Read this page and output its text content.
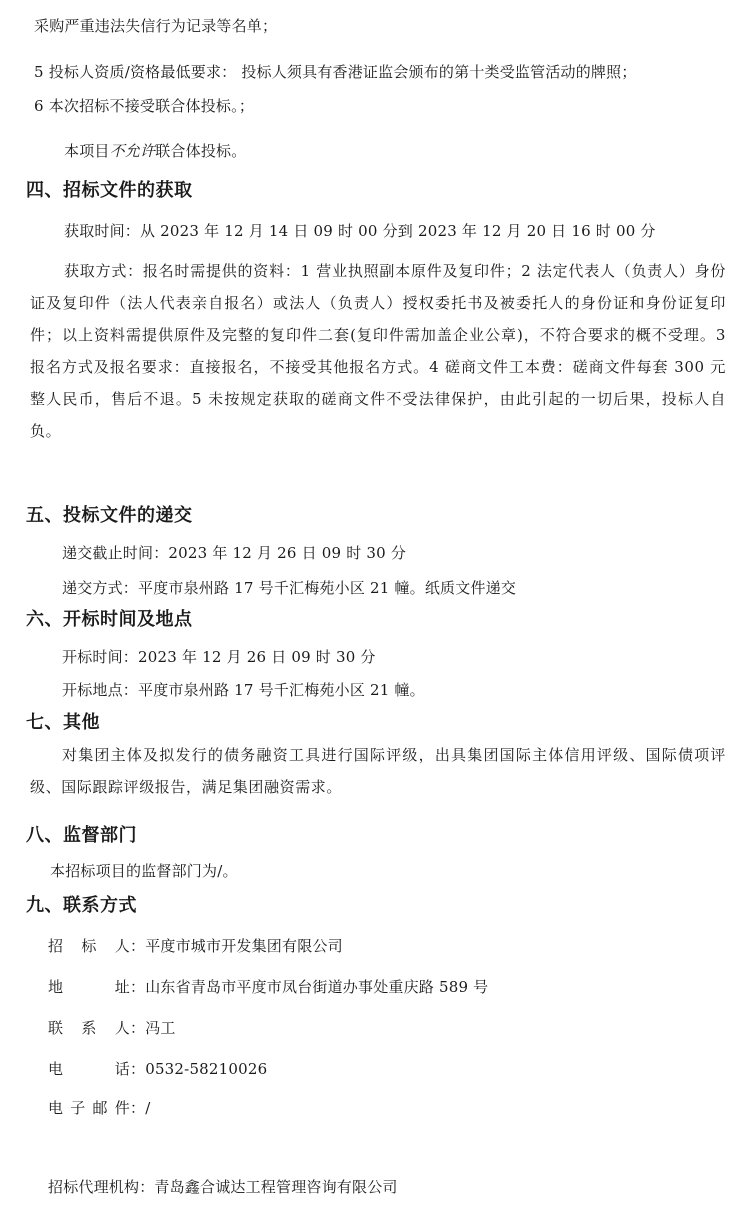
采购严重违法失信行为记录等名单；
5 投标人资质/资格最低要求： 投标人须具有香港证监会颁布的第十类受监管活动的牌照；
6 本次招标不接受联合体投标。；
本项目不允许联合体投标。
四、招标文件的获取
获取时间：从 2023 年 12 月 14 日 09 时 00 分到 2023 年 12 月 20 日 16 时 00 分
获取方式：报名时需提供的资料：1 营业执照副本原件及复印件；2 法定代表人（负责人）身份证及复印件（法人代表亲自报名）或法人（负责人）授权委托书及被委托人的身份证和身份证复印件；以上资料需提供原件及完整的复印件二套(复印件需加盖企业公章)，不符合要求的概不受理。3 报名方式及报名要求：直接报名，不接受其他报名方式。4 磋商文件工本费：磋商文件每套 300 元整人民币，售后不退。5 未按规定获取的磋商文件不受法律保护，由此引起的一切后果，投标人自负。
五、投标文件的递交
递交截止时间：2023 年 12 月 26 日 09 时 30 分
递交方式：平度市泉州路 17 号千汇梅苑小区 21 幢。纸质文件递交
六、开标时间及地点
开标时间：2023 年 12 月 26 日 09 时 30 分
开标地点：平度市泉州路 17 号千汇梅苑小区 21 幢。
七、其他
对集团主体及拟发行的债务融资工具进行国际评级，出具集团国际主体信用评级、国际债项评级、国际跟踪评级报告，满足集团融资需求。
八、监督部门
本招标项目的监督部门为/。
九、联系方式
招 标 人：平度市城市开发集团有限公司
地 址：山东省青岛市平度市凤台街道办事处重庆路 589 号
联 系 人：冯工
电 话：0532-58210026
电子邮件：/
招标代理机构：青岛鑫合诚达工程管理咨询有限公司
